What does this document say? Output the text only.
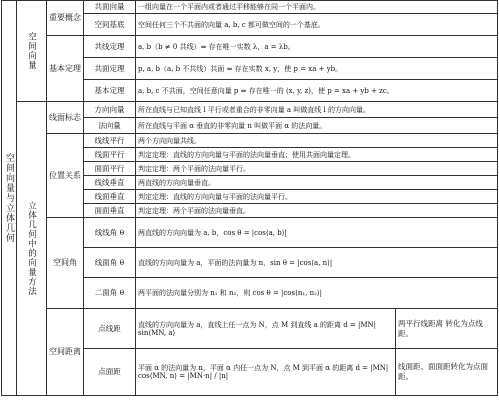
空间向量与立体几何	空间向量	重要概念	共面向量	一组向量在一个平面内或者通过平移能够在同一个平面内。	
			空间基底	空间任何三个不共面的向量 a, b, c 都可做空间的一个基底。	
		基本定理	共线定理	a, b（b ≠ 0 共线）⇔ 存在唯一实数 λ，a = λb。	
			共面定理	p, a, b（a, b 不共线）共面 ⇔ 存在实数 x, y，使 p = xa + yb。	
			基本定理	a, b, c 不共面，空间任意向量 p ⇔ 存在唯一的 (x, y, z)，使 p = xa + yb + zc。	
	立体几何中的向量方法	线面标志	方向向量	所在直线与已知直线 l 平行或者重合的非零向量 a 叫做直线 l 的方向向量。	
			法向量	所在直线与平面 α 垂直的非零向量 n 叫做平面 α 的法向量。	
		位置关系	线线平行	两个方向向量共线。	
			线面平行	判定定理：直线的方向向量与平面的法向量垂直；使用共面向量定理。	
			面面平行	判定定理：两个平面的法向量平行。	
			线线垂直	两直线的方向向量垂直。	
			线面垂直	判定定理：直线的方向向量与平面的法向量平行。	
			面面垂直	判定定理：两个平面的法向量垂直。	
		空间角	线线角 θ	两直线的方向向量为 a, b，cos θ = |cos⟨a, b⟩|	
			线面角 θ	直线的方向向量为 a，平面的法向量为 n，sin θ = |cos⟨a, n⟩|	
			二面角 θ	两平面的法向量分别为 n₁ 和 n₂，则 cos θ = |cos⟨n₁, n₂⟩|	
		空间距离	点线距	直线的方向向量为 a，直线上任一点为 N，点 M 到直线 a 的距离 d = |MN| sin⟨MN, a⟩	两平行线距离 转化为点线距。
			点面距	平面 α 的法向量为 n，平面 α 内任一点为 N，点 M 到平面 α 的距离 d = |MN| cos⟨MN, n⟩ = |MN·n| / |n|	线面距、面面距转化为点面距。
